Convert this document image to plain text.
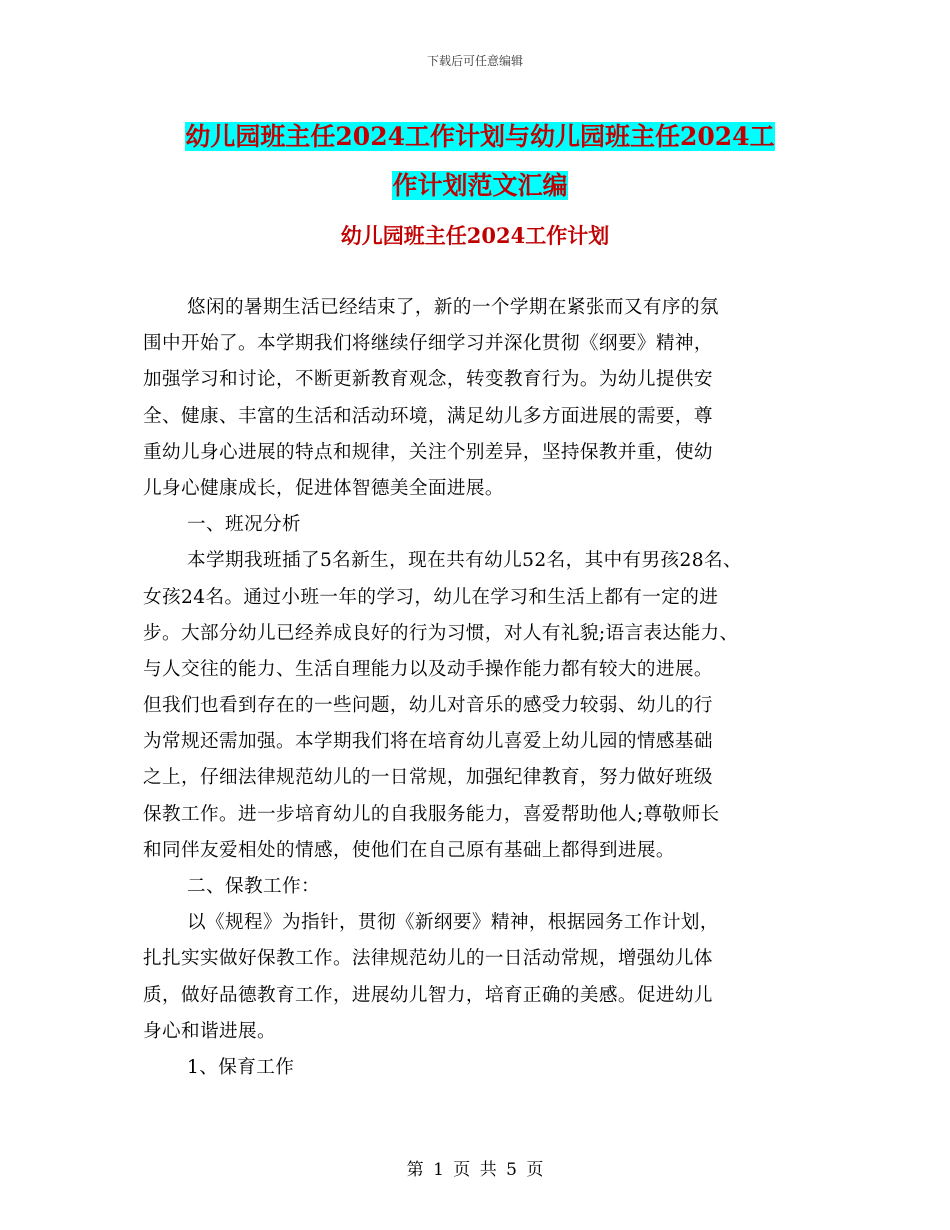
下载后可任意编辑
幼儿园班主任2024工作计划与幼儿园班主任2024工
作计划范文汇编
幼儿园班主任2024工作计划
悠闲的暑期生活已经结束了，新的一个学期在紧张而又有序的氛
围中开始了。本学期我们将继续仔细学习并深化贯彻《纲要》精神，
加强学习和讨论，不断更新教育观念，转变教育行为。为幼儿提供安
全、健康、丰富的生活和活动环境，满足幼儿多方面进展的需要，尊
重幼儿身心进展的特点和规律，关注个别差异，坚持保教并重，使幼
儿身心健康成长，促进体智德美全面进展。
一、班况分析
本学期我班插了5名新生，现在共有幼儿52名，其中有男孩28名、
女孩24名。通过小班一年的学习，幼儿在学习和生活上都有一定的进
步。大部分幼儿已经养成良好的行为习惯，对人有礼貌;语言表达能力、
与人交往的能力、生活自理能力以及动手操作能力都有较大的进展。
但我们也看到存在的一些问题，幼儿对音乐的感受力较弱、幼儿的行
为常规还需加强。本学期我们将在培育幼儿喜爱上幼儿园的情感基础
之上，仔细法律规范幼儿的一日常规，加强纪律教育，努力做好班级
保教工作。进一步培育幼儿的自我服务能力，喜爱帮助他人;尊敬师长
和同伴友爱相处的情感，使他们在自己原有基础上都得到进展。
二、保教工作：
以《规程》为指针，贯彻《新纲要》精神，根据园务工作计划，
扎扎实实做好保教工作。法律规范幼儿的一日活动常规，增强幼儿体
质，做好品德教育工作，进展幼儿智力，培育正确的美感。促进幼儿
身心和谐进展。
1、保育工作
第 1 页 共 5 页
